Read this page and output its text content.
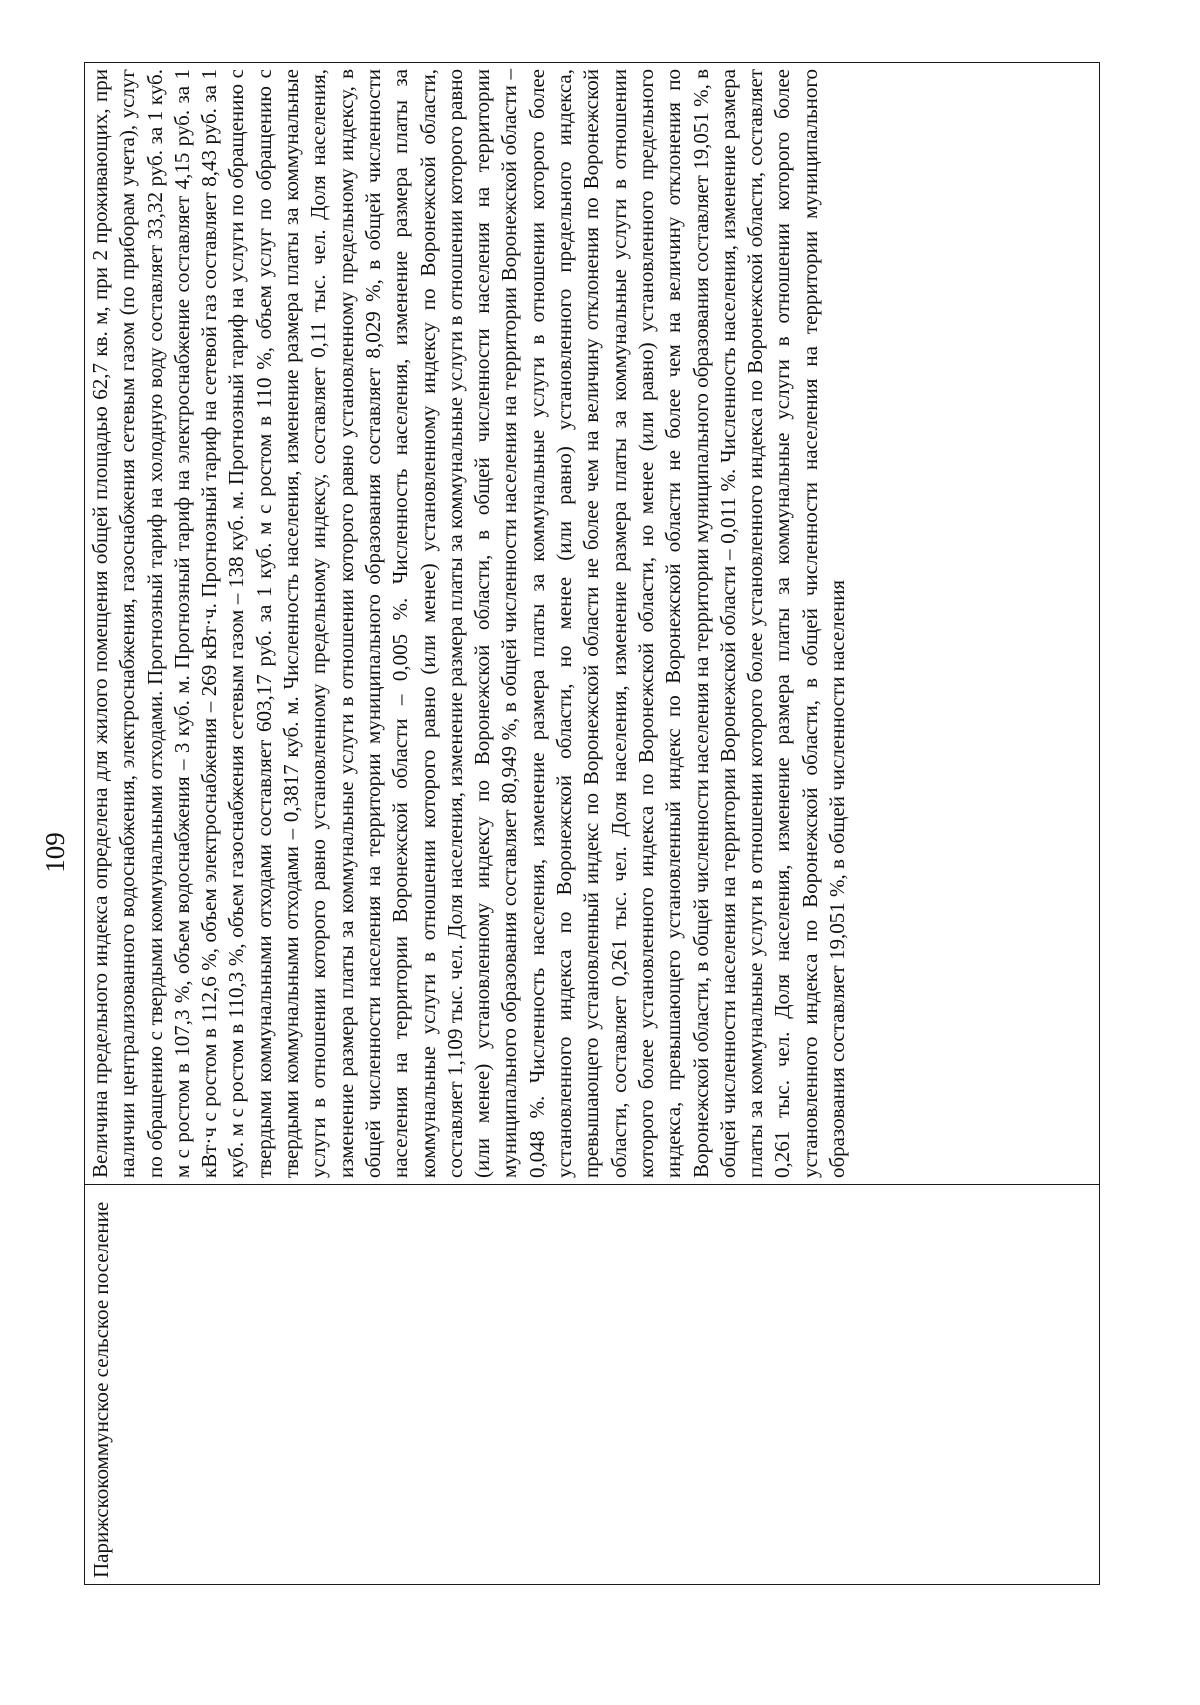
109

Парижскокоммунское сельское поселение

Величина предельного индекса определена для жилого помещения общей площадью 62,7 кв. м, при 2 проживающих, при наличии централизованного водоснабжения, электроснабжения, газоснабжения сетевым газом (по приборам учета), услуг по обращению с твердыми коммунальными отходами. Прогнозный тариф на холодную воду составляет 33,32 руб. за 1 куб. м с ростом в 107,3 %, объем водоснабжения – 3 куб. м. Прогнозный тариф на электроснабжение составляет 4,15 руб. за 1 кВт·ч с ростом в 112,6 %, объем электроснабжения – 269 кВт·ч. Прогнозный тариф на сетевой газ составляет 8,43 руб. за 1 куб. м с ростом в 110,3 %, объем газоснабжения сетевым газом – 138 куб. м. Прогнозный тариф на услуги по обращению с твердыми коммунальными отходами составляет 603,17 руб. за 1 куб. м с ростом в 110 %, объем услуг по обращению с твердыми коммунальными отходами – 0,3817 куб. м. Численность населения, изменение размера платы за коммунальные услуги в отношении которого равно установленному предельному индексу, составляет 0,11 тыс. чел. Доля населения, изменение размера платы за коммунальные услуги в отношении которого равно установленному предельному индексу, в общей численности населения на территории муниципального образования составляет 8,029 %, в общей численности населения на территории Воронежской области – 0,005 %. Численность населения, изменение размера платы за коммунальные услуги в отношении которого равно (или менее) установленному индексу по Воронежской области, составляет 1,109 тыс. чел. Доля населения, изменение размера платы за коммунальные услуги в отношении которого равно (или менее) установленному индексу по Воронежской области, в общей численности населения на территории муниципального образования составляет 80,949 %, в общей численности населения на территории Воронежской области – 0,048 %. Численность населения, изменение размера платы за коммунальные услуги в отношении которого более установленного индекса по Воронежской области, но менее (или равно) установленного предельного индекса, превышающего установленный индекс по Воронежской области не более чем на величину отклонения по Воронежской области, составляет 0,261 тыс. чел. Доля населения, изменение размера платы за коммунальные услуги в отношении которого более установленного индекса по Воронежской области, но менее (или равно) установленного предельного индекса, превышающего установленный индекс по Воронежской области не более чем на величину отклонения по Воронежской области, в общей численности населения на территории муниципального образования составляет 19,051 %, в общей численности населения на территории Воронежской области – 0,011 %. Численность населения, изменение размера платы за коммунальные услуги в отношении которого более установленного индекса по Воронежской области, составляет 0,261 тыс. чел. Доля населения, изменение размера платы за коммунальные услуги в отношении которого более установленного индекса по Воронежской области, в общей численности населения на территории муниципального образования составляет 19,051 %, в общей численности населения
